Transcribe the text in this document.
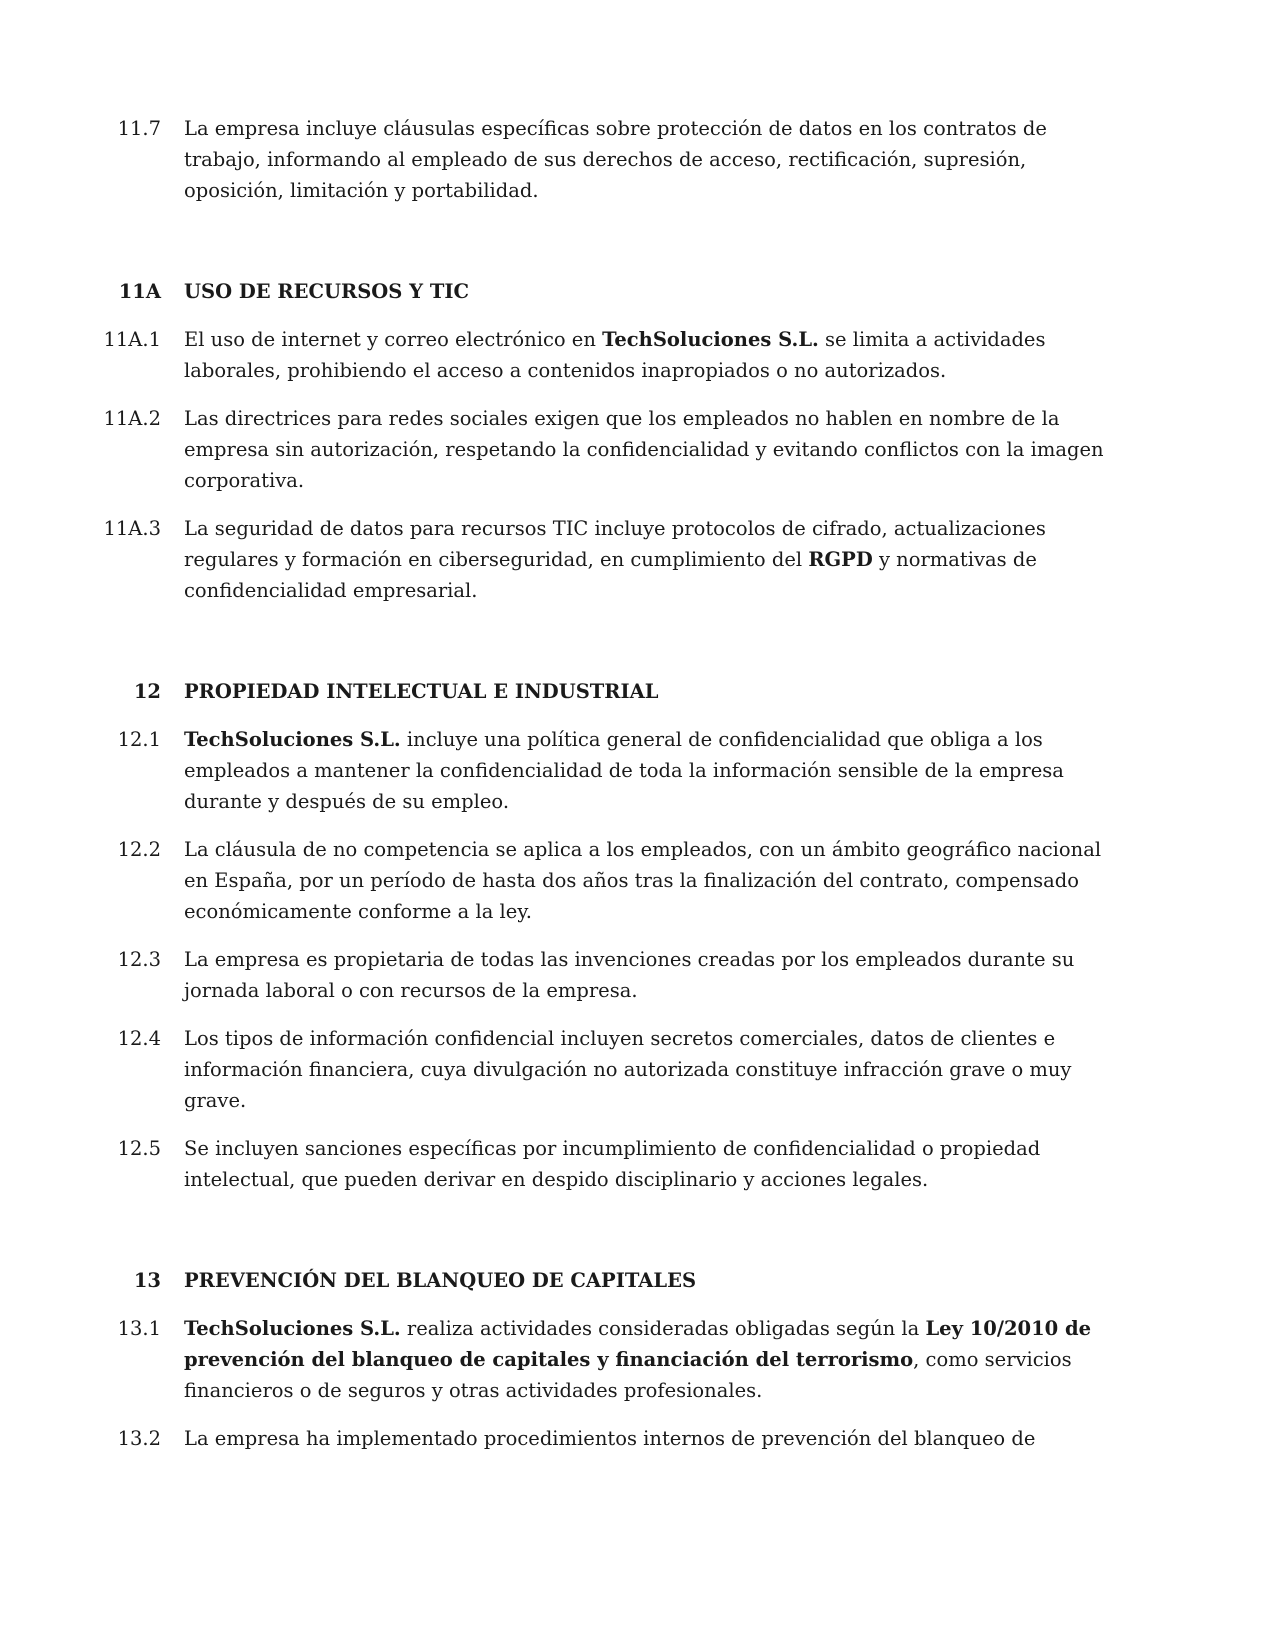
11.7	La empresa incluye cláusulas específicas sobre protección de datos en los contratos de trabajo, informando al empleado de sus derechos de acceso, rectificación, supresión, oposición, limitación y portabilidad.
11A	USO DE RECURSOS Y TIC
11A.1	El uso de internet y correo electrónico en TechSoluciones S.L. se limita a actividades laborales, prohibiendo el acceso a contenidos inapropiados o no autorizados.
11A.2	Las directrices para redes sociales exigen que los empleados no hablen en nombre de la empresa sin autorización, respetando la confidencialidad y evitando conflictos con la imagen corporativa.
11A.3	La seguridad de datos para recursos TIC incluye protocolos de cifrado, actualizaciones regulares y formación en ciberseguridad, en cumplimiento del RGPD y normativas de confidencialidad empresarial.
12	PROPIEDAD INTELECTUAL E INDUSTRIAL
12.1	TechSoluciones S.L. incluye una política general de confidencialidad que obliga a los empleados a mantener la confidencialidad de toda la información sensible de la empresa durante y después de su empleo.
12.2	La cláusula de no competencia se aplica a los empleados, con un ámbito geográfico nacional en España, por un período de hasta dos años tras la finalización del contrato, compensado económicamente conforme a la ley.
12.3	La empresa es propietaria de todas las invenciones creadas por los empleados durante su jornada laboral o con recursos de la empresa.
12.4	Los tipos de información confidencial incluyen secretos comerciales, datos de clientes e información financiera, cuya divulgación no autorizada constituye infracción grave o muy grave.
12.5	Se incluyen sanciones específicas por incumplimiento de confidencialidad o propiedad intelectual, que pueden derivar en despido disciplinario y acciones legales.
13	PREVENCIÓN DEL BLANQUEO DE CAPITALES
13.1	TechSoluciones S.L. realiza actividades consideradas obligadas según la Ley 10/2010 de prevención del blanqueo de capitales y financiación del terrorismo, como servicios financieros o de seguros y otras actividades profesionales.
13.2	La empresa ha implementado procedimientos internos de prevención del blanqueo de
